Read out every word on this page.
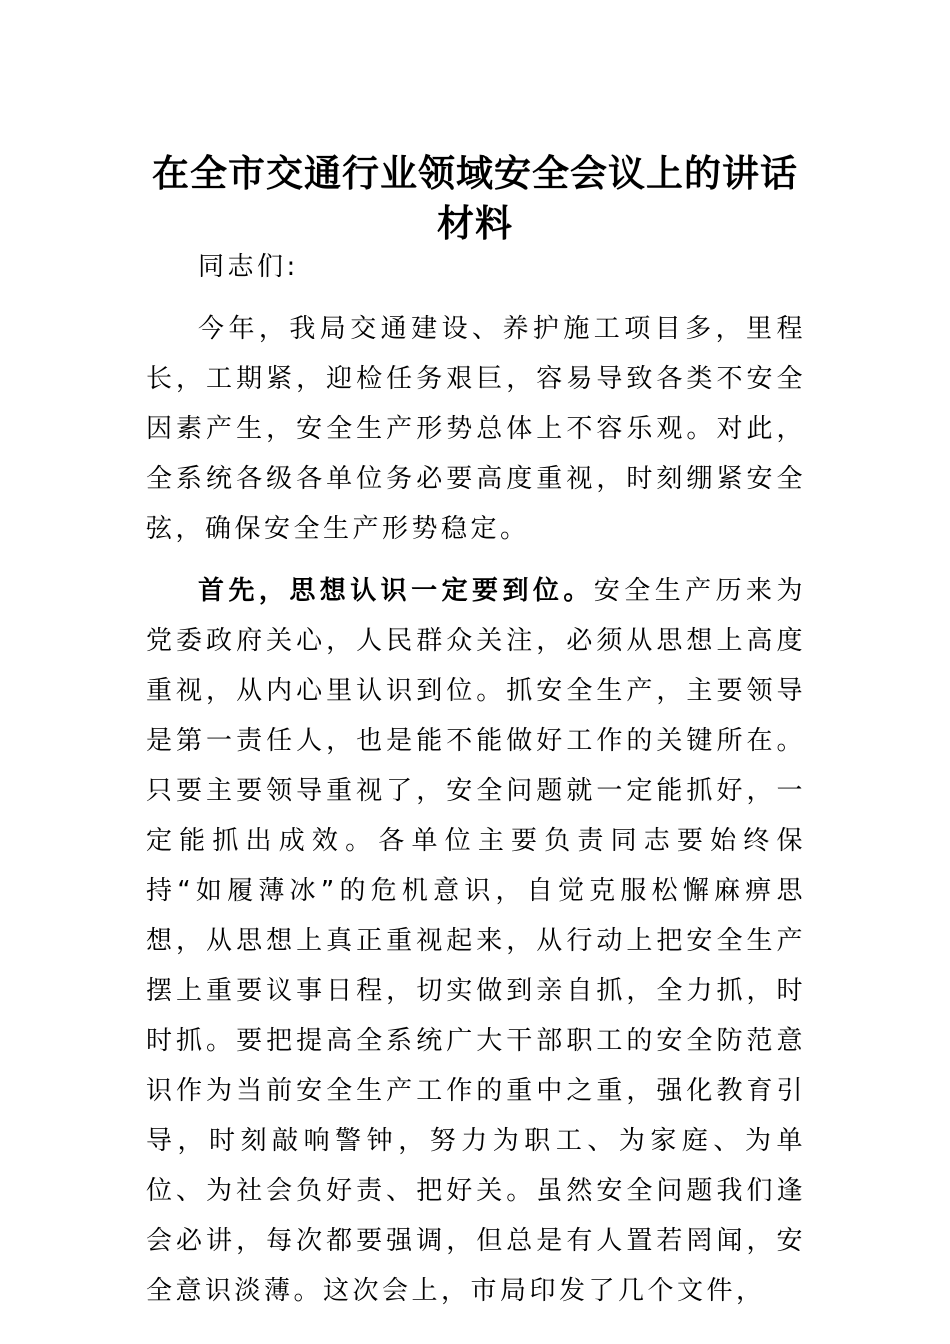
在全市交通行业领域安全会议上的讲话材料

同志们:

今年，我局交通建设、养护施工项目多，里程长，工期紧，迎检任务艰巨，容易导致各类不安全因素产生，安全生产形势总体上不容乐观。对此，全系统各级各单位务必要高度重视，时刻绷紧安全弦，确保安全生产形势稳定。

首先，思想认识一定要到位。安全生产历来为党委政府关心，人民群众关注，必须从思想上高度重视，从内心里认识到位。抓安全生产，主要领导是第一责任人，也是能不能做好工作的关键所在。只要主要领导重视了，安全问题就一定能抓好，一定能抓出成效。各单位主要负责同志要始终保持“如履薄冰”的危机意识，自觉克服松懈麻痹思想，从思想上真正重视起来，从行动上把安全生产摆上重要议事日程，切实做到亲自抓，全力抓，时时抓。要把提高全系统广大干部职工的安全防范意识作为当前安全生产工作的重中之重，强化教育引导，时刻敲响警钟，努力为职工、为家庭、为单位、为社会负好责、把好关。虽然安全问题我们逢会必讲，每次都要强调，但总是有人置若罔闻，安全意识淡薄。这次会上，市局印发了几个文件，
